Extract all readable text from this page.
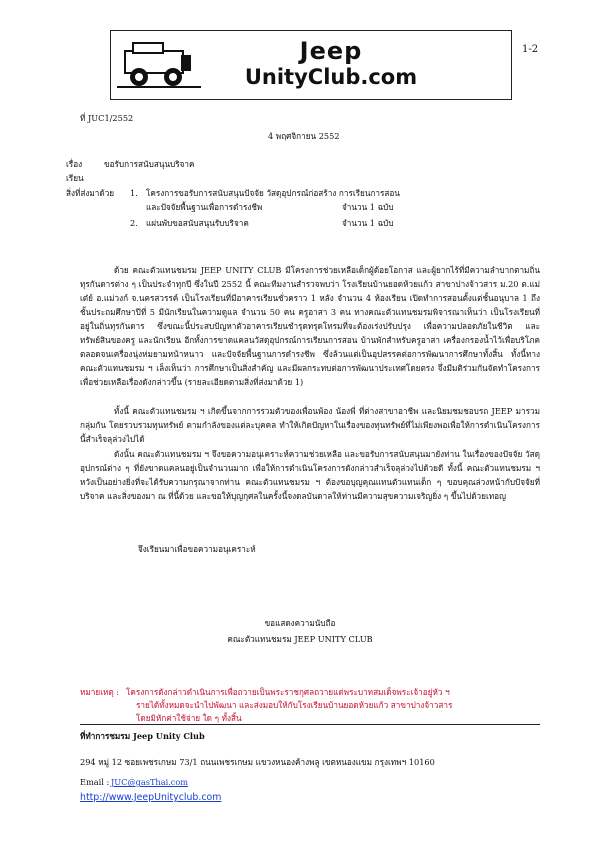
1-2
Jeep
UnityClub.com
ที่ JUC1/2552
4 พฤศจิกายน 2552
เรื่อง	ขอรับการสนับสนุนบริจาค
เรียน
สิ่งที่ส่งมาด้วย 1. โครงการขอรับการสนับสนุนปัจจัย วัสดุอุปกรณ์ก่อสร้าง การเรียนการสอน
และปัจจัยพื้นฐานเพื่อการดำรงชีพ	จำนวน 1 ฉบับ
2. แผ่นพับขอสนับสนุนรับบริจาค	จำนวน 1 ฉบับ
ด้วย คณะตัวแทนชมรม JEEP UNITY CLUB มีโครงการช่วยเหลือเด็กผู้ด้อยโอกาส และผู้ยากไร้ที่มีความลำบากตามถิ่นทุรกันดารต่าง ๆ เป็นประจำทุกปี ซึ่งในปี 2552 นี้ คณะทีมงานสำรวจพบว่า โรงเรียนบ้านยอดห้วยแก้ว สาขาปางจ้าวสาร ม.20 ต.แม่เต๋ย์ อ.แม่วงก์ จ.นครสวรรค์ เป็นโรงเรียนที่มีอาคารเรียนชั่วคราว 1 หลัง จำนวน 4 ห้องเรียน เปิดทำการสอนตั้งแต่ชั้นอนุบาล 1 ถึงชั้นประถมศึกษาปีที่ 5 มีนักเรียนในความดูแล จำนวน 50 คน ครูอาสา 3 คน ทางคณะตัวแทนชมรมพิจารณาเห็นว่า เป็นโรงเรียนที่อยู่ในถิ่นทุรกันดาร ซึ่งขณะนี้ประสบปัญหาตัวอาคารเรียนชำรุดทรุดโทรมที่จะต้องเร่งปรับปรุง เพื่อความปลอดภัยในชีวิต และทรัพย์สินของครู และนักเรียน อีกทั้งการขาดแคลนวัสดุอุปกรณ์การเรียนการสอน บ้านพักสำหรับครูอาสา เครื่องกรองน้ำไว้เพื่อบริโภค ตลอดจนเครื่องนุ่งห่มยามหน้าหนาว และปัจจัยพื้นฐานการดำรงชีพ ซึ่งล้วนแต่เป็นอุปสรรคต่อการพัฒนาการศึกษาทั้งสิ้น ทั้งนี้ทางคณะตัวแทนชมรม ฯ เล็งเห็นว่า การศึกษาเป็นสิ่งสำคัญ และมีผลกระทบต่อการพัฒนาประเทศโดยตรง จึ่งมีมติร่วมกันจัดทำโครงการเพื่อช่วยเหลือเรื่องดังกล่าวขึ้น (รายละเอียดตามสิ่งที่ส่งมาด้วย 1)
ทั้งนี้ คณะตัวแทนชมรม ฯ เกิดขึ้นจากการรวมตัวของเพื่อนพ้อง น้องพี่ ที่ต่างสาขาอาชีพ และนิยมชมชอบรถ JEEP มารวมกลุ่มกัน โดยรวบรวมทุนทรัพย์ ตามกำลังของแต่ละบุคคล ทำให้เกิดปัญหาในเรื่องของทุนทรัพย์ที่ไม่เพียงพอเพื่อให้การดำเนินโครงการนี้สำเร็จลุล่วงไปได้
ดังนั้น คณะตัวแทนชมรม ฯ จึงขอความอนุเคราะห์ความช่วยเหลือ และขอรับการสนับสนุนมายังท่าน ในเรื่องของปัจจัย วัสดุอุปกรณ์ต่าง ๆ ที่ยังขาดแคลนอยู่เป็นจำนวนมาก เพื่อให้การดำเนินโครงการดังกล่าวสำเร็จลุล่วงไปด้วยดี ทั้งนี้ คณะตัวแทนชมรม ฯ หวังเป็นอย่างยิ่งที่จะได้รับความกรุณาจากท่าน คณะตัวแทนชมรม ฯ ต้องขอบุญคุณแทนตัวแทนเด็ก ๆ ขอบคุณล่วงหน้ากับปัจจัยที่บริจาค และสิ่งของมา ณ ที่นี้ด้วย และขอให้บุญกุศลในครั้งนี้จงดลบันดาลให้ท่านมีความสุขความเจริญยิ่ง ๆ ขึ้นไปด้วยเทอญ
จึงเรียนมาเพื่อขอความอนุเคราะห์
ขอแสดงความนับถือ
คณะตัวแทนชมรม JEEP UNITY CLUB
หมายเหตุ : โครงการดังกล่าวดำเนินการเพื่อถวายเป็นพระราชกุศลถวายแด่พระบาทสมเด็จพระเจ้าอยู่หัว ฯ
รายได้ทั้งหมดจะนำไปพัฒนา และส่งมอบให้กับโรงเรียนบ้านยอดห้วยแก้ว สาขาปางจ้าวสาร
โดยมิหักค่าใช้จ่าย ใด ๆ ทั้งสิ้น
ที่ทำการชมรม Jeep Unity Club
294 หมู่ 12 ซอยเพชรเกษม 73/1 ถนนเพชรเกษม แขวงหนองค้างพลู เขตหนองแขม กรุงเทพฯ 10160
Email : JUC@gasThai.com
http://www.JeepUnityclub.com
